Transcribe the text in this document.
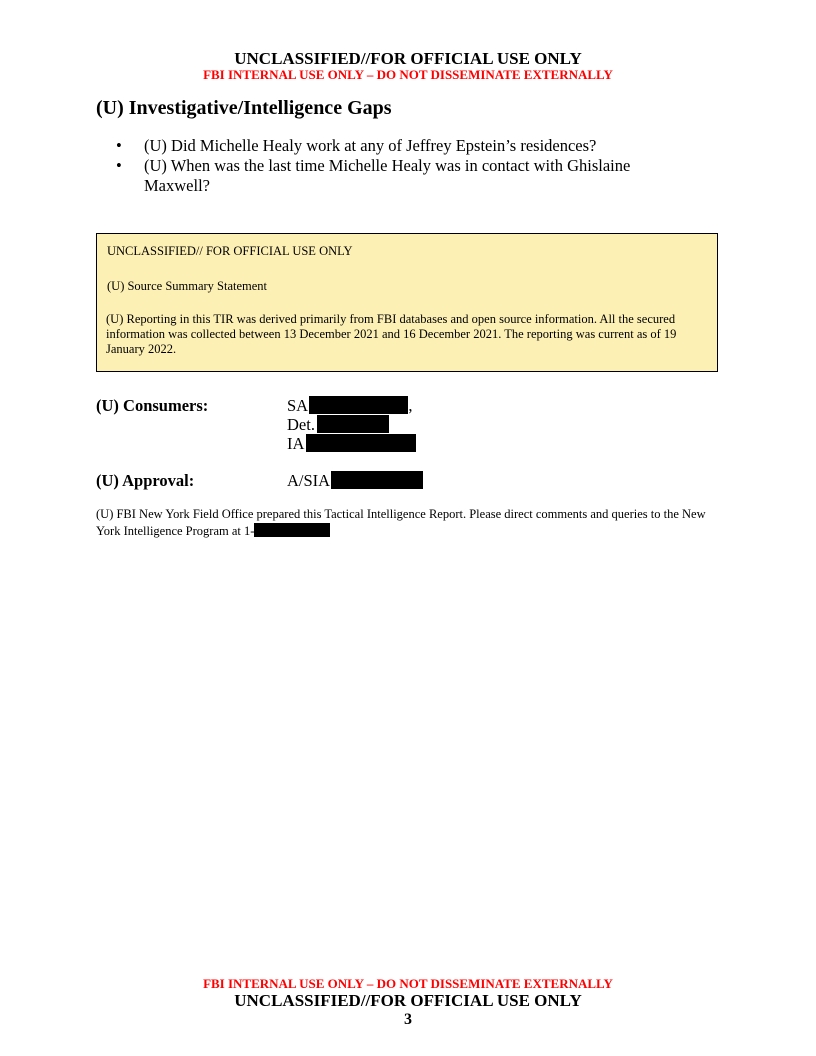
UNCLASSIFIED//FOR OFFICIAL USE ONLY
FBI INTERNAL USE ONLY – DO NOT DISSEMINATE EXTERNALLY
(U) Investigative/Intelligence Gaps
• (U) Did Michelle Healy work at any of Jeffrey Epstein’s residences?
• (U) When was the last time Michelle Healy was in contact with Ghislaine Maxwell?
UNCLASSIFIED// FOR OFFICIAL USE ONLY
(U) Source Summary Statement
(U) Reporting in this TIR was derived primarily from FBI databases and open source information. All the secured information was collected between 13 December 2021 and 16 December 2021. The reporting was current as of 19 January 2022.
(U) Consumers:	SA	,
Det.
IA
(U) Approval:	A/SIA
(U) FBI New York Field Office prepared this Tactical Intelligence Report. Please direct comments and queries to the New York Intelligence Program at 1-
FBI INTERNAL USE ONLY – DO NOT DISSEMINATE EXTERNALLY
UNCLASSIFIED//FOR OFFICIAL USE ONLY
3
